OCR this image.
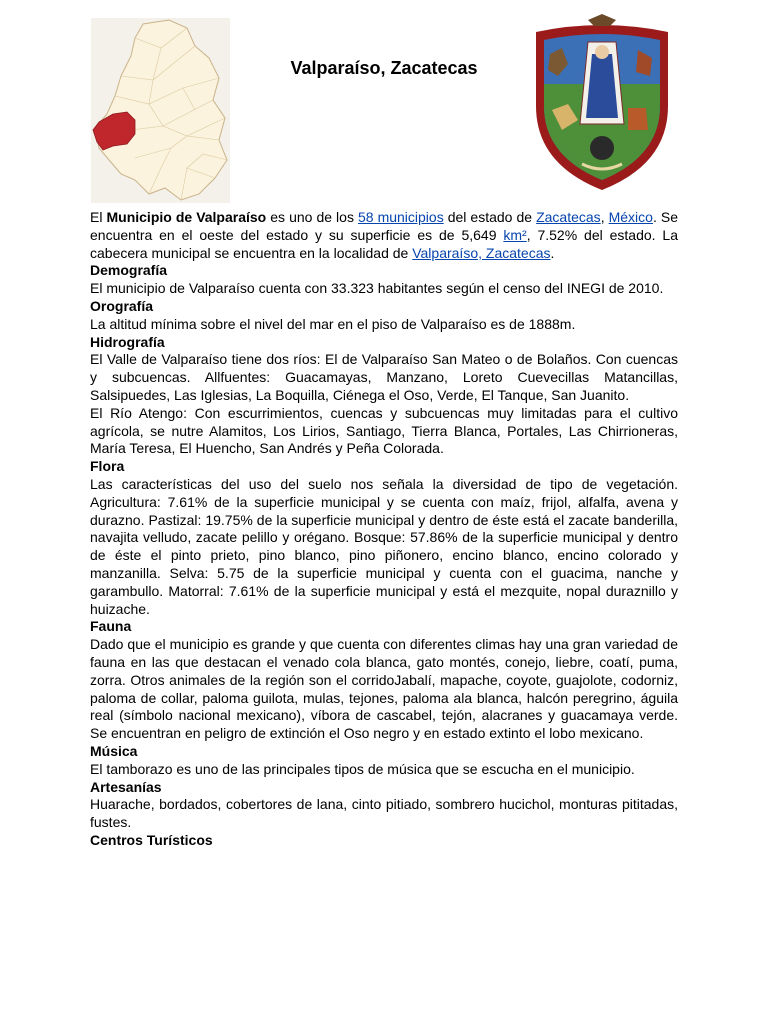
Valparaíso, Zacatecas

El Municipio de Valparaíso es uno de los 58 municipios del estado de Zacatecas, México. Se encuentra en el oeste del estado y su superficie es de 5,649 km², 7.52% del estado. La cabecera municipal se encuentra en la localidad de Valparaíso, Zacatecas.

Demografía

El municipio de Valparaíso cuenta con 33.323 habitantes según el censo del INEGI de 2010.

Orografía

La altitud mínima sobre el nivel del mar en el piso de Valparaíso es de 1888m.

Hidrografía

El Valle de Valparaíso tiene dos ríos: El de Valparaíso San Mateo o de Bolaños. Con cuencas y subcuencas. Allfuentes: Guacamayas, Manzano, Loreto Cuevecillas Matancillas, Salsipuedes, Las Iglesias, La Boquilla, Ciénega el Oso, Verde, El Tanque, San Juanito.

El Río Atengo: Con escurrimientos, cuencas y subcuencas muy limitadas para el cultivo agrícola, se nutre Alamitos, Los Lirios, Santiago, Tierra Blanca, Portales, Las Chirrioneras, María Teresa, El Huencho, San Andrés y Peña Colorada.

Flora

Las características del uso del suelo nos señala la diversidad de tipo de vegetación. Agricultura: 7.61% de la superficie municipal y se cuenta con maíz, frijol, alfalfa, avena y durazno. Pastizal: 19.75% de la superficie municipal y dentro de éste está el zacate banderilla, navajita velludo, zacate pelillo y orégano. Bosque: 57.86% de la superficie municipal y dentro de éste el pinto prieto, pino blanco, pino piñonero, encino blanco, encino colorado y manzanilla. Selva: 5.75 de la superficie municipal y cuenta con el guacima, nanche y garambullo. Matorral: 7.61% de la superficie municipal y está el mezquite, nopal duraznillo y huizache.

Fauna

Dado que el municipio es grande y que cuenta con diferentes climas hay una gran variedad de fauna en las que destacan el venado cola blanca, gato montés, conejo, liebre, coatí, puma, zorra. Otros animales de la región son el corridoJabalí, mapache, coyote, guajolote, codorniz, paloma de collar, paloma guilota, mulas, tejones, paloma ala blanca, halcón peregrino, águila real (símbolo nacional mexicano), víbora de cascabel, tejón, alacranes y guacamaya verde. Se encuentran en peligro de extinción el Oso negro y en estado extinto el lobo mexicano.

Música

El tamborazo es uno de las principales tipos de música que se escucha en el municipio.

Artesanías

Huarache, bordados, cobertores de lana, cinto pitiado, sombrero hucichol, monturas pititadas, fustes.

Centros Turísticos
